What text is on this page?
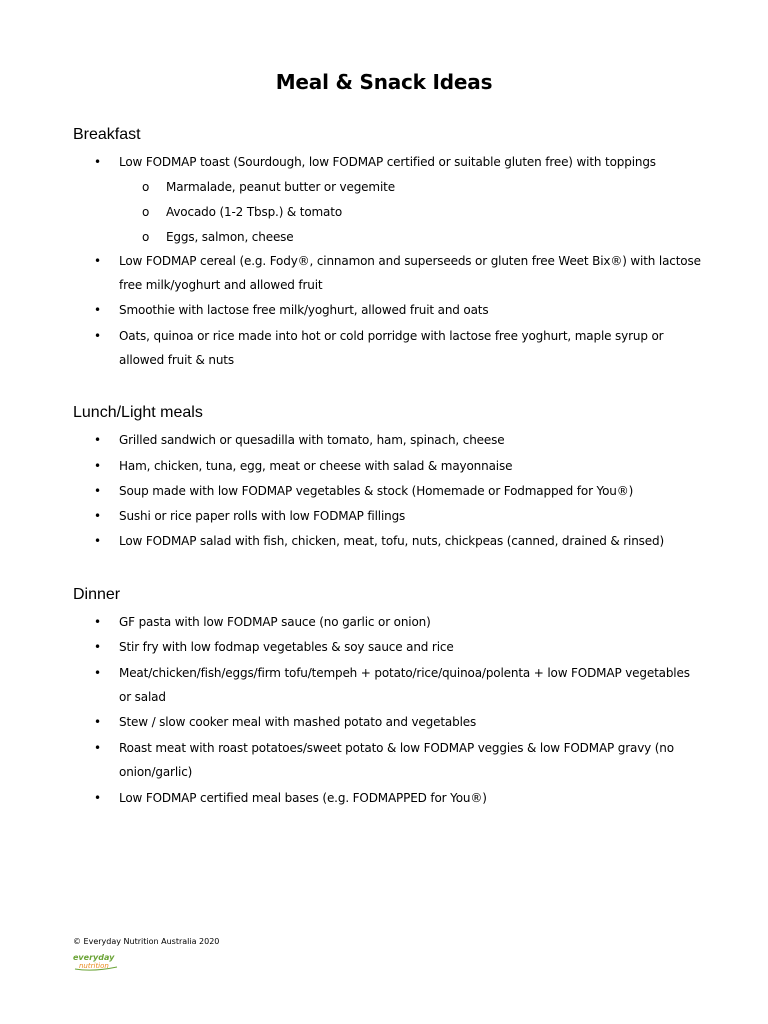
Meal & Snack Ideas
Breakfast
• Low FODMAP toast (Sourdough, low FODMAP certified or suitable gluten free) with toppings
o Marmalade, peanut butter or vegemite
o Avocado (1-2 Tbsp.) & tomato
o Eggs, salmon, cheese
• Low FODMAP cereal (e.g. Fody®, cinnamon and superseeds or gluten free Weet Bix®) with lactose
free milk/yoghurt and allowed fruit
• Smoothie with lactose free milk/yoghurt, allowed fruit and oats
• Oats, quinoa or rice made into hot or cold porridge with lactose free yoghurt, maple syrup or
allowed fruit & nuts
Lunch/Light meals
• Grilled sandwich or quesadilla with tomato, ham, spinach, cheese
• Ham, chicken, tuna, egg, meat or cheese with salad & mayonnaise
• Soup made with low FODMAP vegetables & stock (Homemade or Fodmapped for You®)
• Sushi or rice paper rolls with low FODMAP fillings
• Low FODMAP salad with fish, chicken, meat, tofu, nuts, chickpeas (canned, drained & rinsed)
Dinner
• GF pasta with low FODMAP sauce (no garlic or onion)
• Stir fry with low fodmap vegetables & soy sauce and rice
• Meat/chicken/fish/eggs/firm tofu/tempeh + potato/rice/quinoa/polenta + low FODMAP vegetables
or salad
• Stew / slow cooker meal with mashed potato and vegetables
• Roast meat with roast potatoes/sweet potato & low FODMAP veggies & low FODMAP gravy (no
onion/garlic)
• Low FODMAP certified meal bases (e.g. FODMAPPED for You®)
© Everyday Nutrition Australia 2020
everyday
nutrition
